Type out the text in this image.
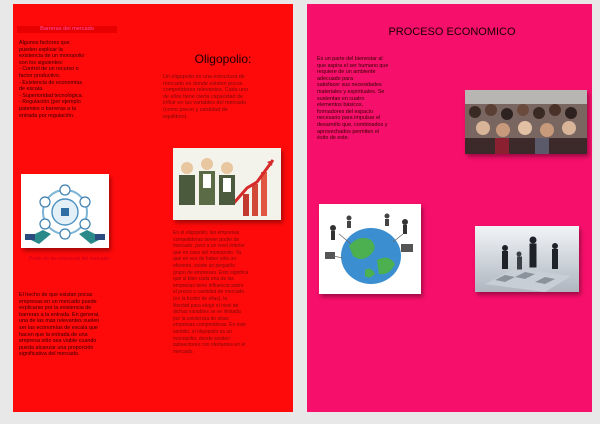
Barreras del mercado
Algunos factores que
pueden explicar la
existencia de un monopolio
son los siguientes:
- Control de un recurso o
factor productivo.
- Existencia de economías
de escala.
- Superioridad tecnológica.
- Regulación (por ejemplo
patentes o barreras a la
entrada por regulación.
Poder de las empresas del mercado
El hecho de que existan pocas
empresas en un mercado puede
explicarse por la existencia de
barreras a la entrada. En general,
una de las más relevantes suelen
ser las economías de escala que
hacen que la entrada de una
empresa sólo sea viable cuando
pueda alcanzar una proporción
significativa del mercado.
Oligopolio:
Un oligopolio es una estructura de
mercado en donde existen pocos
competidores relevantes. Cada uno
de ellos tiene cierta capacidad de
influir en las variables del mercado
(como precio y cantidad de
equilibrio).
En el oligopolio, las empresas
competidoras tienen poder de
mercado, pero a un nivel inferior
que en caso del monopolio. Ya
que en vez de haber sólo un
oferente, existe un pequeño
grupo de empresas. Esto significa
que si bien cada una de las
empresas tiene influencia sobre
el precio o cantidad de mercado
(en la fusión de ellas), la
libertad para elegir el nivel de
dichas variables se ve limitada
por la existencia de otras
empresas competidoras. En este
sentido, el oligopolio es un
monopolio, donde existen
subsectores con ofertantes en el
mercado.
PROCESO ECONOMICO
Es un parte del bienestar al
que aspira el ser humano que
requiere de un ambiente
adecuado para
satisfacer sus necesidades
materiales y espirituales. Se
sustentan en cuatro
elementos básicos,
formadores del espacio
necesario para impulsar el
desarrollo que, combinados y
aprovechados permiten el
éxito de este.
